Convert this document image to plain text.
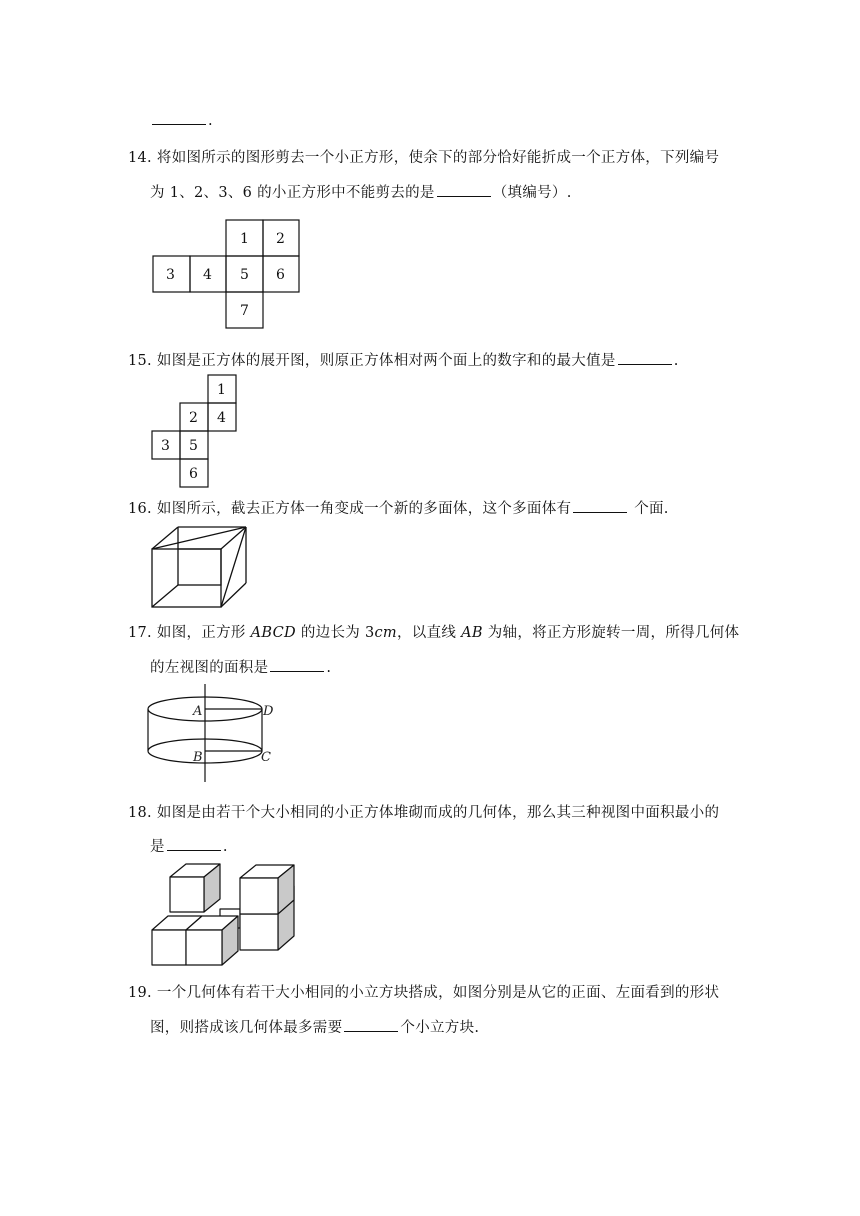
.
14. 将如图所示的图形剪去一个小正方形，使余下的部分恰好能折成一个正方体，下列编号
为 1、2、3、6 的小正方形中不能剪去的是	（填编号）.
1 2
3 4 5 6
7
15. 如图是正方体的展开图，则原正方体相对两个面上的数字和的最大值是	.
1
2 4
3 5
6
16. 如图所示，截去正方体一角变成一个新的多面体，这个多面体有	个面.
17. 如图，正方形 ABCD 的边长为 3cm，以直线 AB 为轴，将正方形旋转一周，所得几何体
的左视图的面积是	.
A	D
B	C
18. 如图是由若干个大小相同的小正方体堆砌而成的几何体，那么其三种视图中面积最小的
是	.
19. 一个几何体有若干大小相同的小立方块搭成，如图分别是从它的正面、左面看到的形状
图，则搭成该几何体最多需要	个小立方块.
